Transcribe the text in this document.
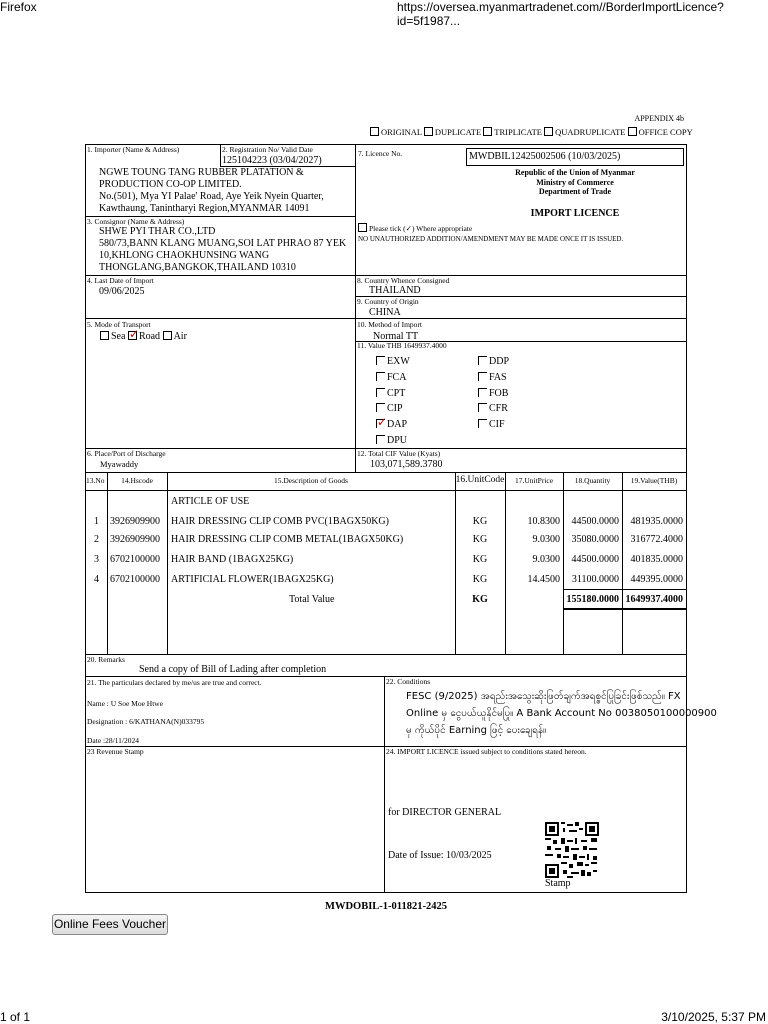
Firefox	https://oversea.myanmartradenet.com//BorderImportLicence?id=5f1987...
1 of 1	3/10/2025, 5:37 PM
APPENDIX 4b
ORIGINAL DUPLICATE TRIPLICATE QUADRUPLICATE OFFICE COPY
1. Importer (Name & Address)	2. Registration No/ Valid Date
125104223 (03/04/2027)
NGWE TOUNG TANG RUBBER PLATATION &
PRODUCTION CO-OP LIMITED.
No.(501), Mya YI Palae' Road, Aye Yeik Nyein Quarter,
Kawthaung, Tanintharyi Region,MYANMAR 14091
7. Licence No.	MWDBIL12425002506 (10/03/2025)
Republic of the Union of Myanmar
Ministry of Commerce
Department of Trade
IMPORT LICENCE
Please tick (✓) Where appropriate
NO UNAUTHORIZED ADDITION/AMENDMENT MAY BE MADE ONCE IT IS ISSUED.
3. Consignor (Name & Address)
SHWE PYI THAR CO.,LTD
580/73,BANN KLANG MUANG,SOI LAT PHRAO 87 YEK
10,KHLONG CHAOKHUNSING WANG
THONGLANG,BANGKOK,THAILAND 10310
4. Last Date of Import
09/06/2025
8. Country Whence Consigned
THAILAND
9. Country of Origin
CHINA
5. Mode of Transport
Sea ✓ Road Air
10. Method of Import
Normal TT
11. Value THB 1649937.4000
EXW
FCA
CPT
CIP
✓ DAP
DPU
DDP
FAS
FOB
CFR
CIF
6. Place/Port of Discharge
Myawaddy
12. Total CIF Value (Kyats)
103,071,589.3780
13.No	14.Hscode	15.Description of Goods	16.UnitCode	17.UnitPrice	18.Quantity	19.Value(THB)
ARTICLE OF USE
1	3926909900 HAIR DRESSING CLIP COMB PVC(1BAGX50KG)	KG	10.8300	44500.0000	481935.0000
2	3926909900 HAIR DRESSING CLIP COMB METAL(1BAGX50KG)	KG	9.0300	35080.0000	316772.4000
3	6702100000 HAIR BAND (1BAGX25KG)	KG	9.0300	44500.0000	401835.0000
4	6702100000 ARTIFICIAL FLOWER(1BAGX25KG)	KG	14.4500	31100.0000	449395.0000
Total Value	KG	155180.0000 1649937.4000
20. Remarks
Send a copy of Bill of Lading after completion
21. The particulars declared by me/us are true and correct.
Name : U Soe Moe Htwe
Designation : 6/KATHANA(N)033795
Date :28/11/2024
22. Conditions
FESC (9/2025) အရည်းအသွေးဆိုးဖြတ်ချက်အရစ္စင်ပြုခြင်းဖြစ်သည်။ FX
Online မှ ငွေပယ်ယူနိုင်မပြု။ A Bank Account No 0038050100000900
မှ ကိုယ်ပိုင် Earning ဖြင့် ပေးချေရန်။
23 Revenue Stamp	24. IMPORT LICENCE issued subject to conditions stated hereon.
for DIRECTOR GENERAL
Date of Issue: 10/03/2025
Stamp
MWDOBIL-1-011821-2425
Online Fees Voucher
